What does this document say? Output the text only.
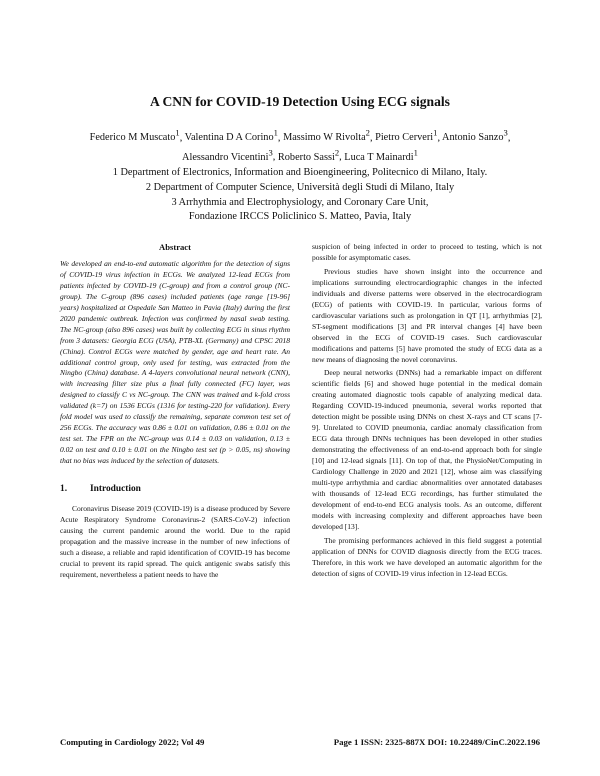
A CNN for COVID-19 Detection Using ECG signals
Federico M Muscato$^1$, Valentina D A Corino$^1$, Massimo W Rivolta$^2$, Pietro Cerveri$^1$, Antonio Sanzo$^3$,
Alessandro Vicentini$^3$, Roberto Sassi$^2$, Luca T Mainardi$^1$
1 Department of Electronics, Information and Bioengineering, Politecnico di Milano, Italy.
2 Department of Computer Science, Università degli Studi di Milano, Italy
3 Arrhythmia and Electrophysiology, and Coronary Care Unit,
Fondazione IRCCS Policlinico S. Matteo, Pavia, Italy
Abstract

We developed an end-to-end automatic algorithm for the detection of signs of COVID-19 virus infection in ECGs. We analyzed 12-lead ECGs from patients infected by COVID-19 (C-group) and from a control group (NC-group). The C-group (896 cases) included patients (age range [19-96] years) hospitalized at Ospedale San Matteo in Pavia (Italy) during the first 2020 pandemic outbreak. Infection was confirmed by nasal swab testing. The NC-group (also 896 cases) was built by collecting ECG in sinus rhythm from 3 datasets: Georgia ECG (USA), PTB-XL (Germany) and CPSC 2018 (China). Control ECGs were matched by gender, age and heart rate. An additional control group, only used for testing, was extracted from the Ningbo (China) database. A 4-layers convolutional neural network (CNN), with increasing filter size plus a final fully connected (FC) layer, was designed to classify C vs NC-group. The CNN was trained and k-fold cross validated (k=7) on 1536 ECGs (1316 for testing-220 for validation). Every fold model was used to classify the remaining, separate common test set of 256 ECGs. The accuracy was 0.86 ± 0.01 on validation, 0.86 ± 0.01 on the test set. The FPR on the NC-group was 0.14 ± 0.03 on validation, 0.13 ± 0.02 on test and 0.10 ± 0.01 on the Ningbo test set (p > 0.05, ns) showing that no bias was induced by the selection of datasets.

1. Introduction

Coronavirus Disease 2019 (COVID-19) is a disease produced by Severe Acute Respiratory Syndrome Coronavirus-2 (SARS-CoV-2) infection causing the current pandemic around the world. Due to the rapid propagation and the massive increase in the number of new infections of such a disease, a reliable and rapid identification of COVID-19 has become crucial to prevent its rapid spread. The quick antigenic swabs satisfy this requirement, nevertheless a patient needs to have the

suspicion of being infected in order to proceed to testing, which is not possible for asymptomatic cases.

Previous studies have shown insight into the occurrence and implications surrounding electrocardiographic changes in the infected individuals and diverse patterns were observed in the electrocardiogram (ECG) of patients with COVID-19. In particular, various forms of cardiovascular variations such as prolongation in QT [1], arrhythmias [2], ST-segment modifications [3] and PR interval changes [4] have been observed in the ECG of COVID-19 cases. Such cardiovascular modifications and patterns [5] have promoted the study of ECG data as a new means of diagnosing the novel coronavirus.

Deep neural networks (DNNs) had a remarkable impact on different scientific fields [6] and showed huge potential in the medical domain creating automated diagnostic tools capable of analyzing medical data. Regarding COVID-19-induced pneumonia, several works reported that detection might be possible using DNNs on chest X-rays and CT scans [7-9]. Unrelated to COVID pneumonia, cardiac anomaly classification from ECG data through DNNs techniques has been developed in other studies demonstrating the effectiveness of an end-to-end approach both for single [10] and 12-lead signals [11]. On top of that, the PhysioNet/Computing in Cardiology Challenge in 2020 and 2021 [12], whose aim was classifying multi-type arrhythmia and cardiac abnormalities over annotated databases with thousands of 12-lead ECG recordings, has further stimulated the development of end-to-end ECG analysis tools. As an outcome, different models with increasing complexity and different approaches have been developed [13].

The promising performances achieved in this field suggest a potential application of DNNs for COVID diagnosis directly from the ECG traces. Therefore, in this work we have developed an automatic algorithm for the detection of signs of COVID-19 virus infection in 12-lead ECGs.

Computing in Cardiology 2022; Vol 49	Page 1 ISSN: 2325-887X DOI: 10.22489/CinC.2022.196
